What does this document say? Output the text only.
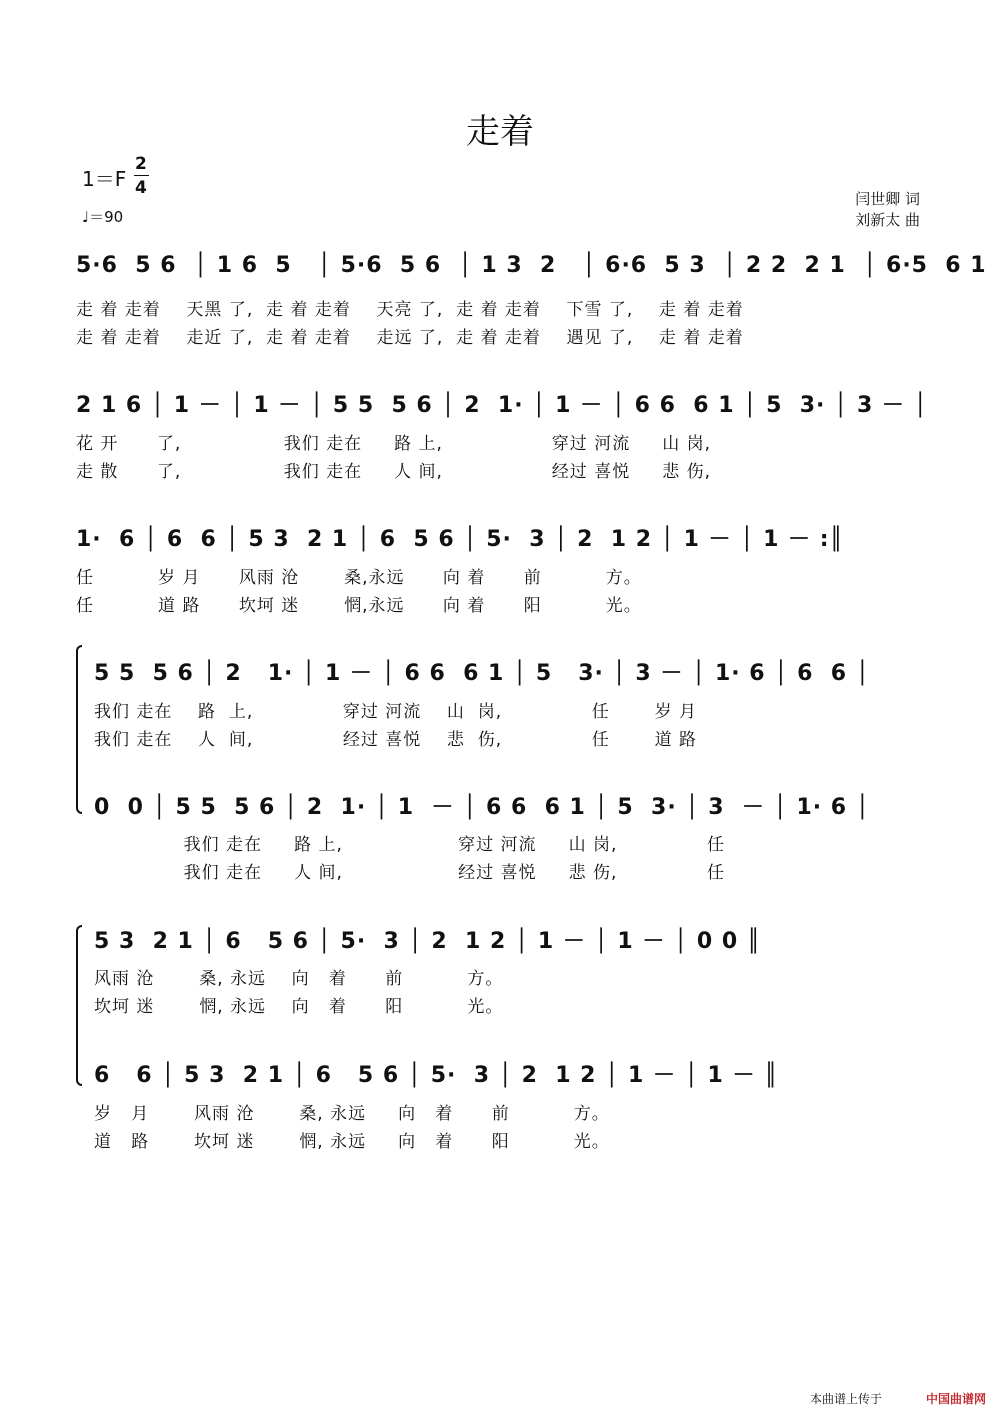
走着
1＝F
2
4
♩＝90
闫世卿 词
刘新太 曲
5·6  5 6  │ 1 6  5   │ 5·6  5 6  │ 1 3  2   │ 6·6  5 3  │ 2 2  2 1  │ 6·5  6 1
走 着 走着    天黑 了,  走 着 走着    天亮 了,  走 着 走着    下雪 了,    走 着 走着
走 着 走着    走近 了,  走 着 走着    走远 了,  走 着 走着    遇见 了,    走 着 走着
2 1 6 │ 1 － │ 1 － │ 5 5  5 6 │ 2  1· │ 1 － │ 6 6  6 1 │ 5  3· │ 3 － │
花 开      了,                我们 走在     路 上,                 穿过 河流     山 岗,
走 散      了,                我们 走在     人 间,                 经过 喜悦     悲 伤,
1·  6 │ 6  6 │ 5 3  2 1 │ 6  5 6 │ 5·  3 │ 2  1 2 │ 1 － │ 1 － :║
任          岁 月      风雨 沧       桑,永远      向 着      前          方。
任          道 路      坎坷 迷       惘,永远      向 着      阳          光。
5 5  5 6 │ 2   1· │ 1 － │ 6 6  6 1 │ 5   3· │ 3 － │ 1· 6 │ 6  6 │
我们 走在    路  上,              穿过 河流    山  岗,              任       岁 月
我们 走在    人  间,              经过 喜悦    悲  伤,              任       道 路
0  0 │ 5 5  5 6 │ 2  1· │ 1  － │ 6 6  6 1 │ 5  3· │ 3  － │ 1· 6 │
我们 走在     路 上,                  穿过 河流     山 岗,              任
我们 走在     人 间,                  经过 喜悦     悲 伤,              任
5 3  2 1 │ 6   5 6 │ 5·  3 │ 2  1 2 │ 1 － │ 1 － │ 0 0 ║
风雨 沧       桑, 永远    向   着      前          方。
坎坷 迷       惘, 永远    向   着      阳          光。
6   6 │ 5 3  2 1 │ 6   5 6 │ 5·  3 │ 2  1 2 │ 1 － │ 1 － ║
岁   月       风雨 沧       桑, 永远     向   着      前          方。
道   路       坎坷 迷       惘, 永远     向   着      阳          光。
本曲谱上传于	中国曲谱网
